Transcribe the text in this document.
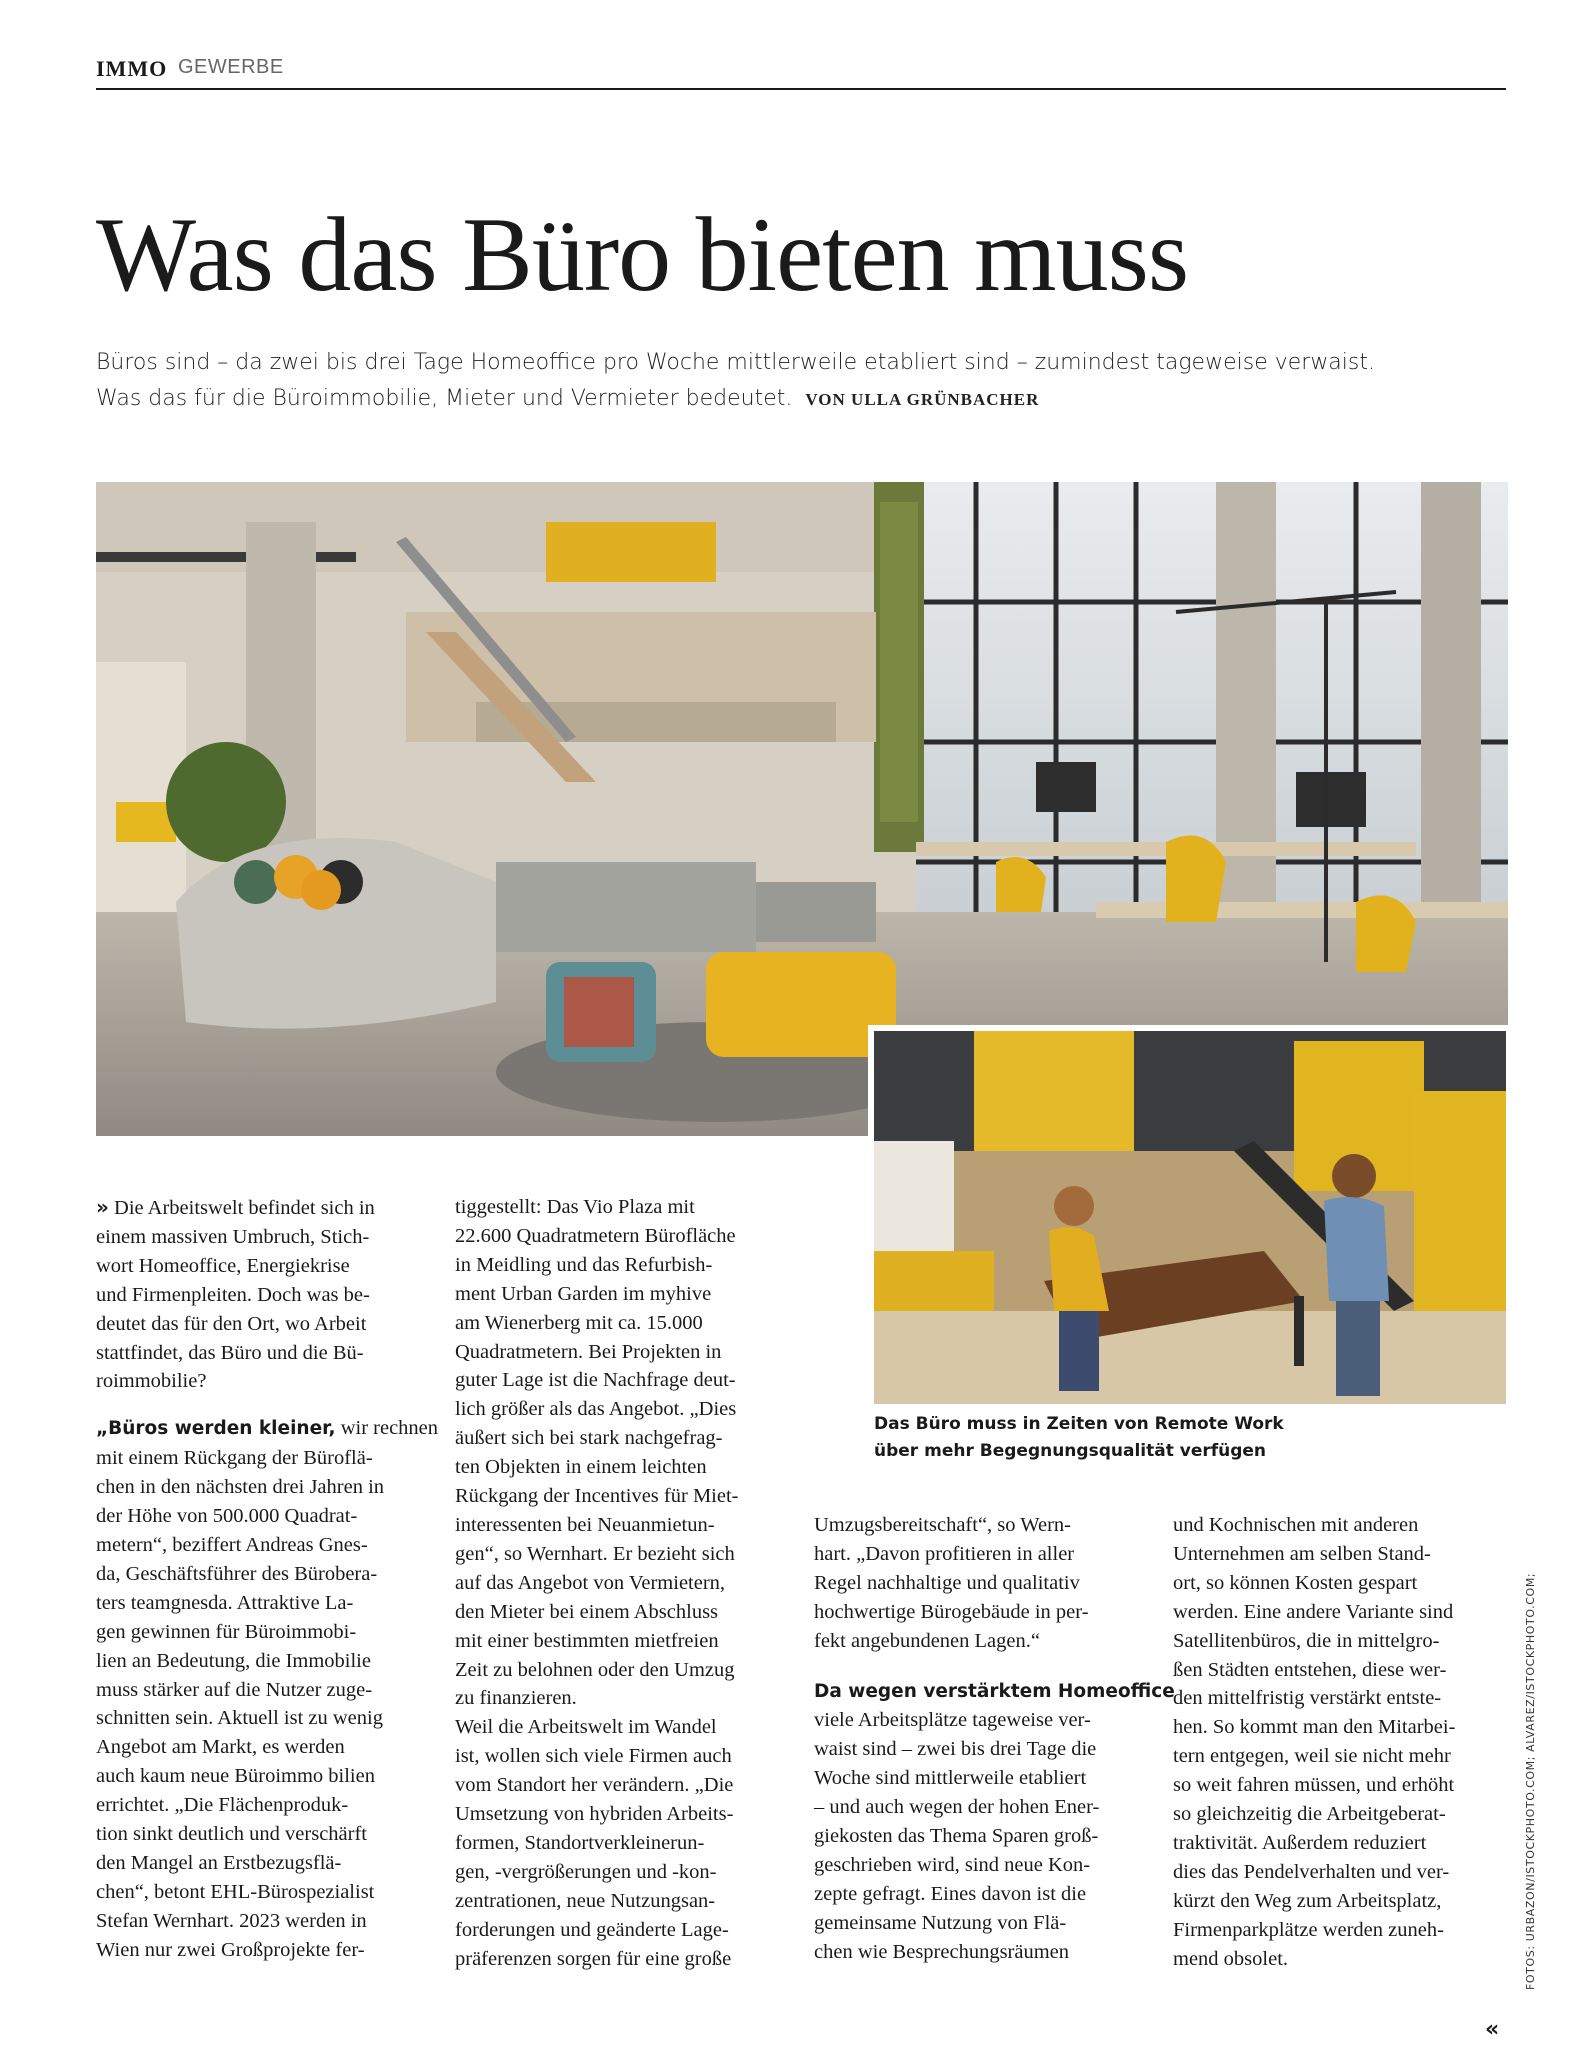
IMMO GEWERBE
Was das Büro bieten muss

Büros sind – da zwei bis drei Tage Homeoffice pro Woche mittlerweile etabliert sind – zumindest tageweise verwaist.
Was das für die Büroimmobilie, Mieter und Vermieter bedeutet. VON ULLA GRÜNBACHER

Das Büro muss in Zeiten von Remote Work
über mehr Begegnungsqualität verfügen
FOTOS: URBAZON/ISTOCKPHOTO.COM; ALVAREZ/ISTOCKPHOTO.COM;

» Die Arbeitswelt befindet sich in
einem massiven Umbruch, Stich-
wort Homeoffice, Energiekrise
und Firmenpleiten. Doch was be-
deutet das für den Ort, wo Arbeit
stattfindet, das Büro und die Bü-
roimmobilie?

„Büros werden kleiner, wir rechnen
mit einem Rückgang der Büroflä-
chen in den nächsten drei Jahren in
der Höhe von 500.000 Quadrat-
metern“, beziffert Andreas Gnes-
da, Geschäftsführer des Bürobera-
ters teamgnesda. Attraktive La-
gen gewinnen für Büroimmobi-
lien an Bedeutung, die Immobilie
muss stärker auf die Nutzer zuge-
schnitten sein. Aktuell ist zu wenig
Angebot am Markt, es werden
auch kaum neue Büroimmo bilien
errichtet. „Die Flächenproduk-
tion sinkt deutlich und verschärft
den Mangel an Erstbezugsflä-
chen“, betont EHL-Bürospezialist
Stefan Wernhart. 2023 werden in
Wien nur zwei Großprojekte fer-

tiggestellt: Das Vio Plaza mit
22.600 Quadratmetern Bürofläche
in Meidling und das Refurbish-
ment Urban Garden im myhive
am Wienerberg mit ca. 15.000
Quadratmetern. Bei Projekten in
guter Lage ist die Nachfrage deut-
lich größer als das Angebot. „Dies
äußert sich bei stark nachgefrag-
ten Objekten in einem leichten
Rückgang der Incentives für Miet-
interessenten bei Neuanmietun-
gen“, so Wernhart. Er bezieht sich
auf das Angebot von Vermietern,
den Mieter bei einem Abschluss
mit einer bestimmten mietfreien
Zeit zu belohnen oder den Umzug
zu finanzieren.

Weil die Arbeitswelt im Wandel
ist, wollen sich viele Firmen auch
vom Standort her verändern. „Die
Umsetzung von hybriden Arbeits-
formen, Standortverkleinerun-
gen, -vergrößerungen und -kon-
zentrationen, neue Nutzungsan-
forderungen und geänderte Lage-
präferenzen sorgen für eine große

Umzugsbereitschaft“, so Wern-
hart. „Davon profitieren in aller
Regel nachhaltige und qualitativ
hochwertige Bürogebäude in per-
fekt angebundenen Lagen.“

Da wegen verstärktem Homeoffice
viele Arbeitsplätze tageweise ver-
waist sind – zwei bis drei Tage die
Woche sind mittlerweile etabliert
– und auch wegen der hohen Ener-
giekosten das Thema Sparen groß-
geschrieben wird, sind neue Kon-
zepte gefragt. Eines davon ist die
gemeinsame Nutzung von Flä-
chen wie Besprechungsräumen

und Kochnischen mit anderen
Unternehmen am selben Stand-
ort, so können Kosten gespart
werden. Eine andere Variante sind
Satellitenbüros, die in mittelgro-
ßen Städten entstehen, diese wer-
den mittelfristig verstärkt entste-
hen. So kommt man den Mitarbei-
tern entgegen, weil sie nicht mehr
so weit fahren müssen, und erhöht
so gleichzeitig die Arbeitgeberat-
traktivität. Außerdem reduziert
dies das Pendelverhalten und ver-
kürzt den Weg zum Arbeitsplatz,
Firmenparkplätze werden zuneh-
mend obsolet.

«
